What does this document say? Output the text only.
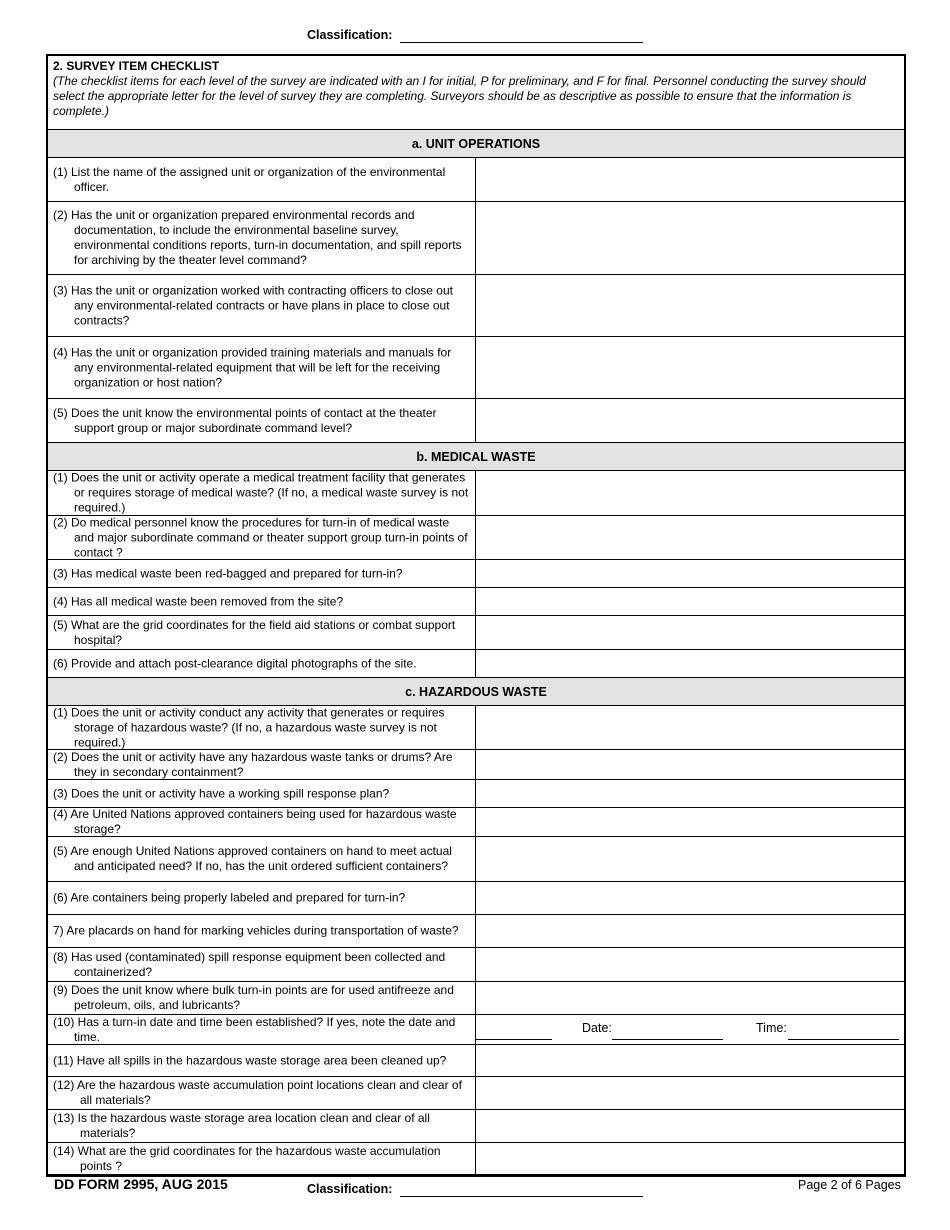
Classification:
2. SURVEY ITEM CHECKLIST
(The checklist items for each level of the survey are indicated with an I for initial, P for preliminary, and F for final. Personnel conducting the survey should select the appropriate letter for the level of survey they are completing. Surveyors should be as descriptive as possible to ensure that the information is complete.)
a. UNIT OPERATIONS
(1) List the name of the assigned unit or organization of the environmental officer.
(2) Has the unit or organization prepared environmental records and documentation, to include the environmental baseline survey, environmental conditions reports, turn-in documentation, and spill reports for archiving by the theater level command?
(3) Has the unit or organization worked with contracting officers to close out any environmental-related contracts or have plans in place to close out contracts?
(4) Has the unit or organization provided training materials and manuals for any environmental-related equipment that will be left for the receiving organization or host nation?
(5) Does the unit know the environmental points of contact at the theater support group or major subordinate command level?
b. MEDICAL WASTE
(1) Does the unit or activity operate a medical treatment facility that generates or requires storage of medical waste? (If no, a medical waste survey is not required.)
(2) Do medical personnel know the procedures for turn-in of medical waste and major subordinate command or theater support group turn-in points of contact ?
(3) Has medical waste been red-bagged and prepared for turn-in?
(4) Has all medical waste been removed from the site?
(5) What are the grid coordinates for the field aid stations or combat support hospital?
(6) Provide and attach post-clearance digital photographs of the site.
c. HAZARDOUS WASTE
(1) Does the unit or activity conduct any activity that generates or requires storage of hazardous waste? (If no, a hazardous waste survey is not required.)
(2) Does the unit or activity have any hazardous waste tanks or drums? Are they in secondary containment?
(3) Does the unit or activity have a working spill response plan?
(4) Are United Nations approved containers being used for hazardous waste storage?
(5) Are enough United Nations approved containers on hand to meet actual and anticipated need? If no, has the unit ordered sufficient containers?
(6) Are containers being properly labeled and prepared for turn-in?
7) Are placards on hand for marking vehicles during transportation of waste?
(8) Has used (contaminated) spill response equipment been collected and containerized?
(9) Does the unit know where bulk turn-in points are for used antifreeze and petroleum, oils, and lubricants?
(10) Has a turn-in date and time been established? If yes, note the date and time.
Date:	Time:
(11) Have all spills in the hazardous waste storage area been cleaned up?
(12) Are the hazardous waste accumulation point locations clean and clear of all materials?
(13) Is the hazardous waste storage area location clean and clear of all materials?
(14) What are the grid coordinates for the hazardous waste accumulation points ?
DD FORM 2995, AUG 2015	Classification:	Page 2 of 6 Pages
